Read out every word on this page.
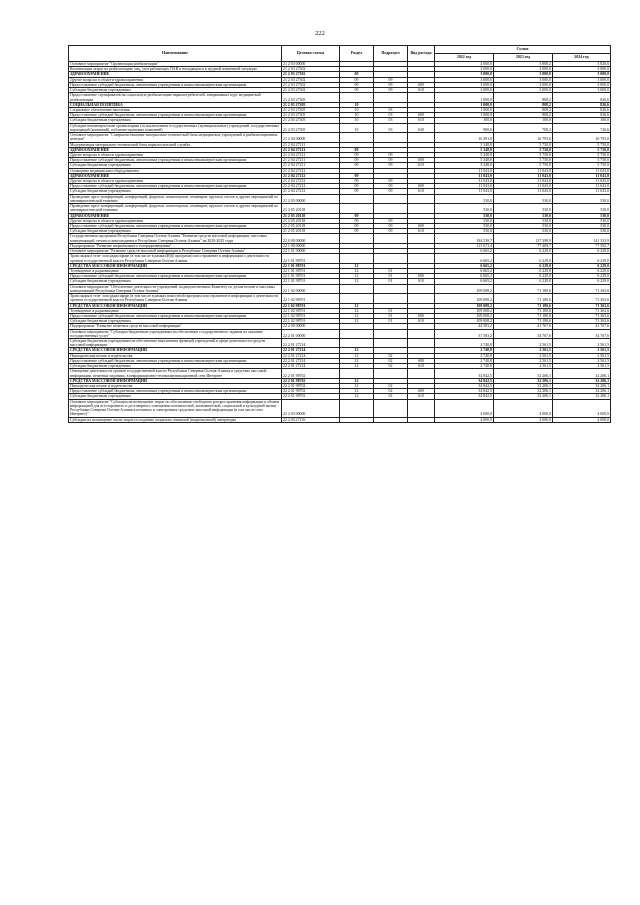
222
Наименование	Целевая статья	Раздел	Подраздел	Вид расхода	Сумма		
					2022 год	2023 год	2024 год
Основное мероприятие "Организация реабилитации"	21 2 03 00000				4 000,0	3 808,2	3 826,6
Компенсация затрат на реабилитацию лиц, употребляющих ПАВ и находящихся в трудной жизненной ситуации	21 2 03 27302				3 000,0	3 000,0	3 000,0
ЗДРАВООХРАНЕНИЕ	21 2 03 27302	09			3 000,0	3 000,0	3 000,0
Другие вопросы в области здравоохранения	21 2 03 27302	09	09		3 000,0	3 000,0	3 000,0
Предоставление субсидий бюджетным, автономным учреждениям и иным некоммерческим организациям	21 2 03 27302	09	09	600	3 000,0	3 000,0	3 000,0
Субсидии бюджетным учреждениям	21 2 03 27302	09	09	610	3 000,0	3 000,0	3 000,0
Предоставление сертификатов на социальную реабилитацию наркопотребителей, завершивших курс медицинской реабилитации	21 2 03 27305				1 000,0	808,2	826,6
СОЦИАЛЬНАЯ ПОЛИТИКА	21 2 03 27305	10			1 000,0	808,2	826,6
Социальное обеспечение населения	21 2 03 27305	10	03		1 000,0	808,2	826,6
Предоставление субсидий бюджетным, автономным учреждениям и иным некоммерческим организациям	21 2 03 27305	10	03	600	1 000,0	808,2	826,6
Субсидии бюджетным учреждениям	21 2 03 27305	10	03	610	100,0	100,0	100,0
Субсидии некоммерческим организациям (за исключением государственных (муниципальных) учреждений, государственных корпораций (компаний), публично-правовых компаний)	21 2 03 27305	10	03	630	900,0	708,2	726,6
Основное мероприятие "Совершенствование материально-технической базы медицинских учреждений и реабилитационных центров"	21 2 04 00000				16 391,8	16 793,0	16 793,0
Модернизация материально-технической базы наркологической службы	21 2 04 27211				5 348,8	5 750,0	5 750,0
ЗДРАВООХРАНЕНИЕ	21 2 04 27211	09			5 348,8	5 750,0	5 750,0
Другие вопросы в области здравоохранения	21 2 04 27211	09	09		5 348,8	5 750,0	5 750,0
Предоставление субсидий бюджетным, автономным учреждениям и иным некоммерческим организациям	21 2 04 27211	09	09	600	5 348,8	5 750,0	5 750,0
Субсидии бюджетным учреждениям	21 2 04 27211	09	09	610	5 348,8	5 750,0	5 750,0
Оснащение медицинским оборудованием	21 2 04 27212				11 043,0	11 043,0	11 043,0
ЗДРАВООХРАНЕНИЕ	21 2 04 27212	09			11 043,0	11 043,0	11 043,0
Другие вопросы в области здравоохранения	21 2 04 27212	09	09		11 043,0	11 043,0	11 043,0
Предоставление субсидий бюджетным, автономным учреждениям и иным некоммерческим организациям	21 2 04 27212	09	09	600	11 043,0	11 043,0	11 043,0
Субсидии бюджетным учреждениям	21 2 04 27212	09	09	610	11 043,0	11 043,0	11 043,0
Проведение пресс-конференций, конференций, форумов, симпозиумов, семинаров, круглых столов и других мероприятий по антинаркотической тематике	21 2 05 00000				530,0	530,0	530,0
Проведение пресс-конференций, конференций, форумов, симпозиумов, семинаров, круглых столов и других мероприятий по антинаркотической тематике	21 2 05 20118				530,0	530,0	530,0
ЗДРАВООХРАНЕНИЕ	21 2 05 20118	09			530,0	530,0	530,0
Другие вопросы в области здравоохранения	21 2 05 20118	09	09		530,0	530,0	530,0
Предоставление субсидий бюджетным, автономным учреждениям и иным некоммерческим организациям	21 2 05 20118	09	09	600	530,0	530,0	530,0
Субсидии бюджетным учреждениям	21 2 05 20118	09	09	610	530,0	530,0	530,0
Государственная программа Республики Северная Осетия-Алания "Развитие средств массовой информации, массовых коммуникаций, печати и книгоиздания в Республике Северная Осетия-Алания" на 2020-2025 годы	22 0 00 00000				184 539,7	137 398,9	141 333,9
Подпрограмма "Развитие национального телерадиовещания"	22 1 00 00000				115 673,4	77 409,7	77 592,7
Основное мероприятие "Развитие средств массовой информации в Республике Северная Осетия-Алания"	22 1 01 00000				6 665,2	6 229,0	6 229,0
Трансляция в теле- или радиоэфире (в том числе в рамках新闻 программ) или отражение в информации о деятельности органов государственной власти Республики Северная Осетия-Алания	22 1 01 98701				6 665,2	6 229,0	6 229,0
СРЕДСТВА МАССОВОЙ ИНФОРМАЦИИ	22 1 01 98701	12			6 665,2	6 229,0	6 229,0
Телевидение и радиовещание	22 1 01 98701	12	01		6 665,2	6 229,0	6 229,0
Предоставление субсидий бюджетным, автономным учреждениям и иным некоммерческим организациям	22 1 01 98701	12	01	600	6 665,2	6 229,0	6 229,0
Субсидии бюджетным учреждениям	22 1 01 98701	12	01	610	6 665,2	6 229,0	6 229,0
Основное мероприятие "Обеспечение деятельности учреждений, подведомственных Комитету по делам печати и массовых коммуникаций Республики Северная Осетия-Алания"	22 1 02 00000				109 008,2	71 180,6	71 363,6
Трансляция в теле- или радиоэфире (в том числе в рамках новостной программ или отражение в информации о деятельности органов государственной власти Республики Северная Осетия-Алания	22 1 02 98701				109 008,2	71 180,6	71 363,6
СРЕДСТВА МАССОВОЙ ИНФОРМАЦИИ	22 1 02 98701	12			109 008,2	71 180,6	71 363,6
Телевидение и радиовещание	22 1 02 98701	12	01		109 008,2	71 180,6	71 363,6
Предоставление субсидий бюджетным, автономным учреждениям и иным некоммерческим организациям	22 1 02 98701	12	01	600	109 008,2	71 180,6	71 363,6
Субсидии бюджетным учреждениям	22 1 02 98701	12	01	610	109 008,2	71 180,6	71 363,6
Подпрограмма "Развитие печатных средств массовой информации"	22 2 00 00000				44 583,2	41 767,6	41 767,6
Основное мероприятие "Субсидии бюджетным учреждениям на обеспечение государственного задания на оказание государственных услуг"	22 2 01 00000				37 583,2	34 767,6	34 767,6
Субсидии бюджетным учреждениям на обеспечение выполнения функций учреждений в сфере деятельности средств массовой информации	22 2 01 27214				2 740,8	2 561,5	2 561,5
СРЕДСТВА МАССОВОЙ ИНФОРМАЦИИ	22 2 01 27214	12			2 740,8	2 561,5	2 561,5
Периодическая печать и издательства	22 2 01 27214	12	02		2 740,8	2 561,5	2 561,5
Предоставление субсидий бюджетным, автономным учреждениям и иным некоммерческим организациям	22 2 01 27214	12	02	600	2 740,8	2 561,5	2 561,5
Субсидии бюджетным учреждениям	22 2 01 27214	12	02	610	2 740,8	2 561,5	2 561,5
Освещение деятельности органов государственной власти Республики Северная Осетия-Алания в средствах массовой информации, печатных изданиях, в информационно-телекоммуникационной сети Интернет	22 2 01 98702				34 842,5	32 206,1	32 206,1
СРЕДСТВА МАССОВОЙ ИНФОРМАЦИИ	22 2 01 98702	12			34 842,5	32 206,1	32 206,1
Периодическая печать и издательства	22 2 01 98702	12	02		34 842,5	32 206,1	32 206,1
Предоставление субсидий бюджетным, автономным учреждениям и иным некоммерческим организациям	22 2 01 98702	12	02	600	34 842,5	32 206,1	32 206,1
Субсидии бюджетным учреждениям	22 2 01 98702	12	02	610	34 842,5	32 206,1	32 206,1
Основное мероприятие "Субсидии на возмещение затрат по обеспечению свободного распространения информации и обмена информацией для всестороннего и достоверного освещения политической, экономической, социальной и культурной жизни Республики Северная Осетия-Алания в печатных и электронных средствах массовой информации (в том числе сети Интернет)"	22 2 03 00000				4 000,0	4 000,0	4 000,0
Субсидии на возмещение части затрат по изданию социально значимой (национальной) литературы	22 2 03 27216				4 000,0	4 000,0	4 000,0
